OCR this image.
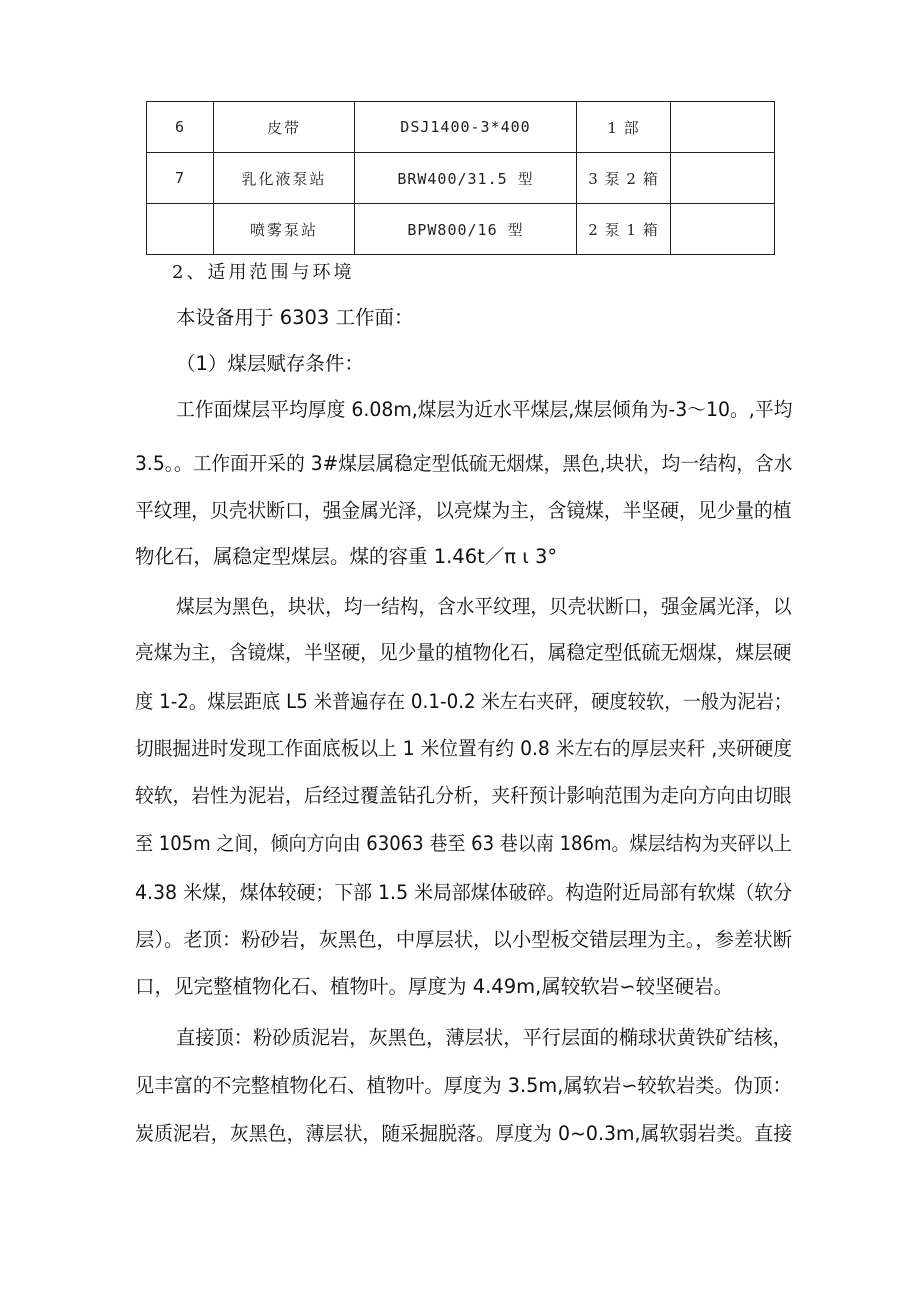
6	皮带	DSJ1400-3*400	1 部	
7	乳化液泵站	BRW400/31.5 型	3 泵 2 箱	
	喷雾泵站	BPW800/16 型	2 泵 1 箱	
2、适用范围与环境
本设备用于 6303 工作面：
（1）煤层赋存条件：
工作面煤层平均厚度 6.08m,煤层为近水平煤层,煤层倾角为-3～10。,平均
3.5。。工作面开采的 3#煤层属稳定型低硫无烟煤，黑色,块状，均一结构，含水
平纹理，贝壳状断口，强金属光泽，以亮煤为主，含镜煤，半坚硬，见少量的植
物化石，属稳定型煤层。煤的容重 1.46t／π ι 3°
煤层为黑色，块状，均一结构，含水平纹理，贝壳状断口，强金属光泽，以
亮煤为主，含镜煤，半坚硬，见少量的植物化石，属稳定型低硫无烟煤，煤层硬
度 1-2。煤层距底 L5 米普遍存在 0.1-0.2 米左右夹砰，硬度较软，一般为泥岩；
切眼掘进时发现工作面底板以上 1 米位置有约 0.8 米左右的厚层夹秆 ,夹研硬度
较软，岩性为泥岩，后经过覆盖钻孔分析，夹秆预计影响范围为走向方向由切眼
至 105m 之间，倾向方向由 63063 巷至 63 巷以南 186m。煤层结构为夹砰以上
4.38 米煤，煤体较硬；下部 1.5 米局部煤体破碎。构造附近局部有软煤（软分
层）。老顶：粉砂岩，灰黑色，中厚层状，以小型板交错层理为主。，参差状断
口，见完整植物化石、植物叶。厚度为 4.49m,属较软岩∽较坚硬岩。
直接顶：粉砂质泥岩，灰黑色，薄层状，平行层面的椭球状黄铁矿结核，
见丰富的不完整植物化石、植物叶。厚度为 3.5m,属软岩∽较软岩类。伪顶：
炭质泥岩，灰黑色，薄层状，随采掘脱落。厚度为 0~0.3m,属软弱岩类。直接
